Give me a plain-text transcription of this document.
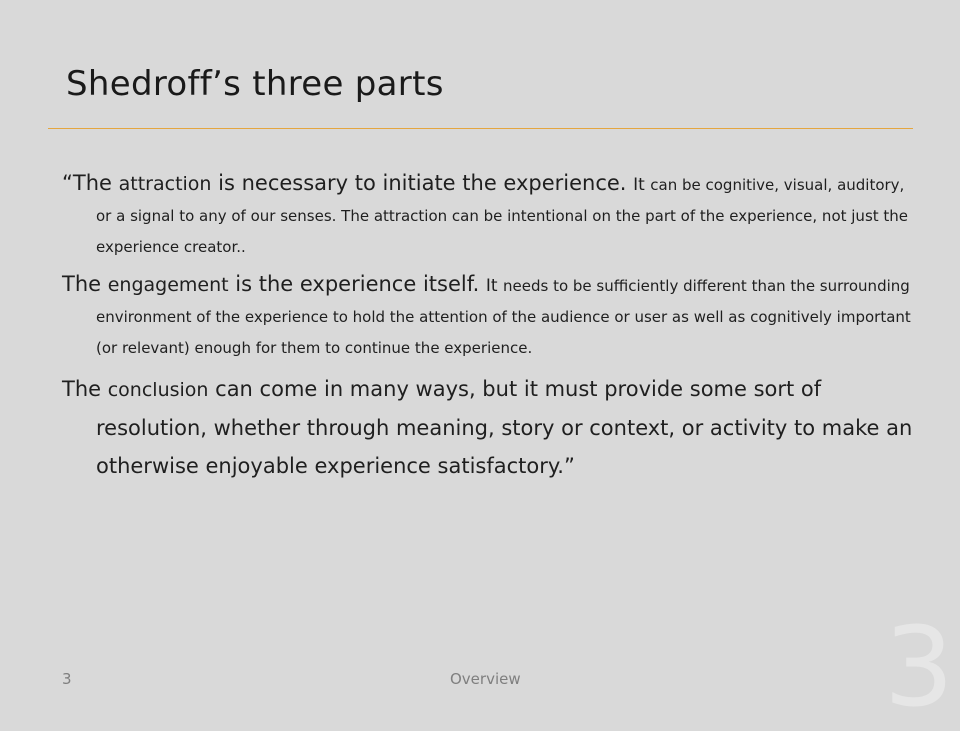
Shedroff’s three parts

“The attraction is necessary to initiate the experience. It can be cognitive, visual, auditory, or a signal to any of our senses. The attraction can be intentional on the part of the experience, not just the experience creator..

The engagement is the experience itself. It needs to be sufficiently different than the surrounding environment of the experience to hold the attention of the audience or user as well as cognitively important (or relevant) enough for them to continue the experience.

The conclusion can come in many ways, but it must provide some sort of resolution, whether through meaning, story or context, or activity to make an otherwise enjoyable experience satisfactory.”

3	Overview	3
